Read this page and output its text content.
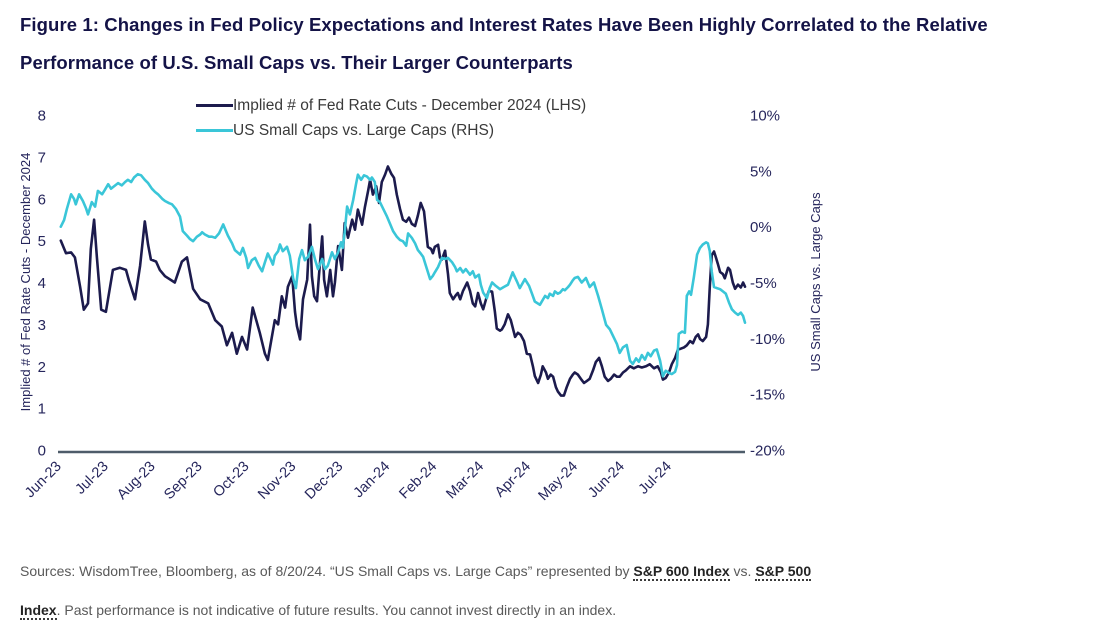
Figure 1: Changes in Fed Policy Expectations and Interest Rates Have Been Highly Correlated to the Relative
Performance of U.S. Small Caps vs. Their Larger Counterparts
0
1
2
3
4
5
6
7
8	10%
5%
0%
-5%
-10%
-15%
-20%
Jun-23 Jul-23 Aug-23 Sep-23 Oct-23 Nov-23 Dec-23 Jan-24 Feb-24 Mar-24 Apr-24 May-24 Jun-24 Jul-24
Implied # of Fed Rate Cuts - December 2024	US Small Caps vs. Large Caps
Implied # of Fed Rate Cuts - December 2024 (LHS)
US Small Caps vs. Large Caps (RHS)
Sources: WisdomTree, Bloomberg, as of 8/20/24. “US Small Caps vs. Large Caps” represented by S&P 600 Index vs. S&P 500
Index. Past performance is not indicative of future results. You cannot invest directly in an index.
